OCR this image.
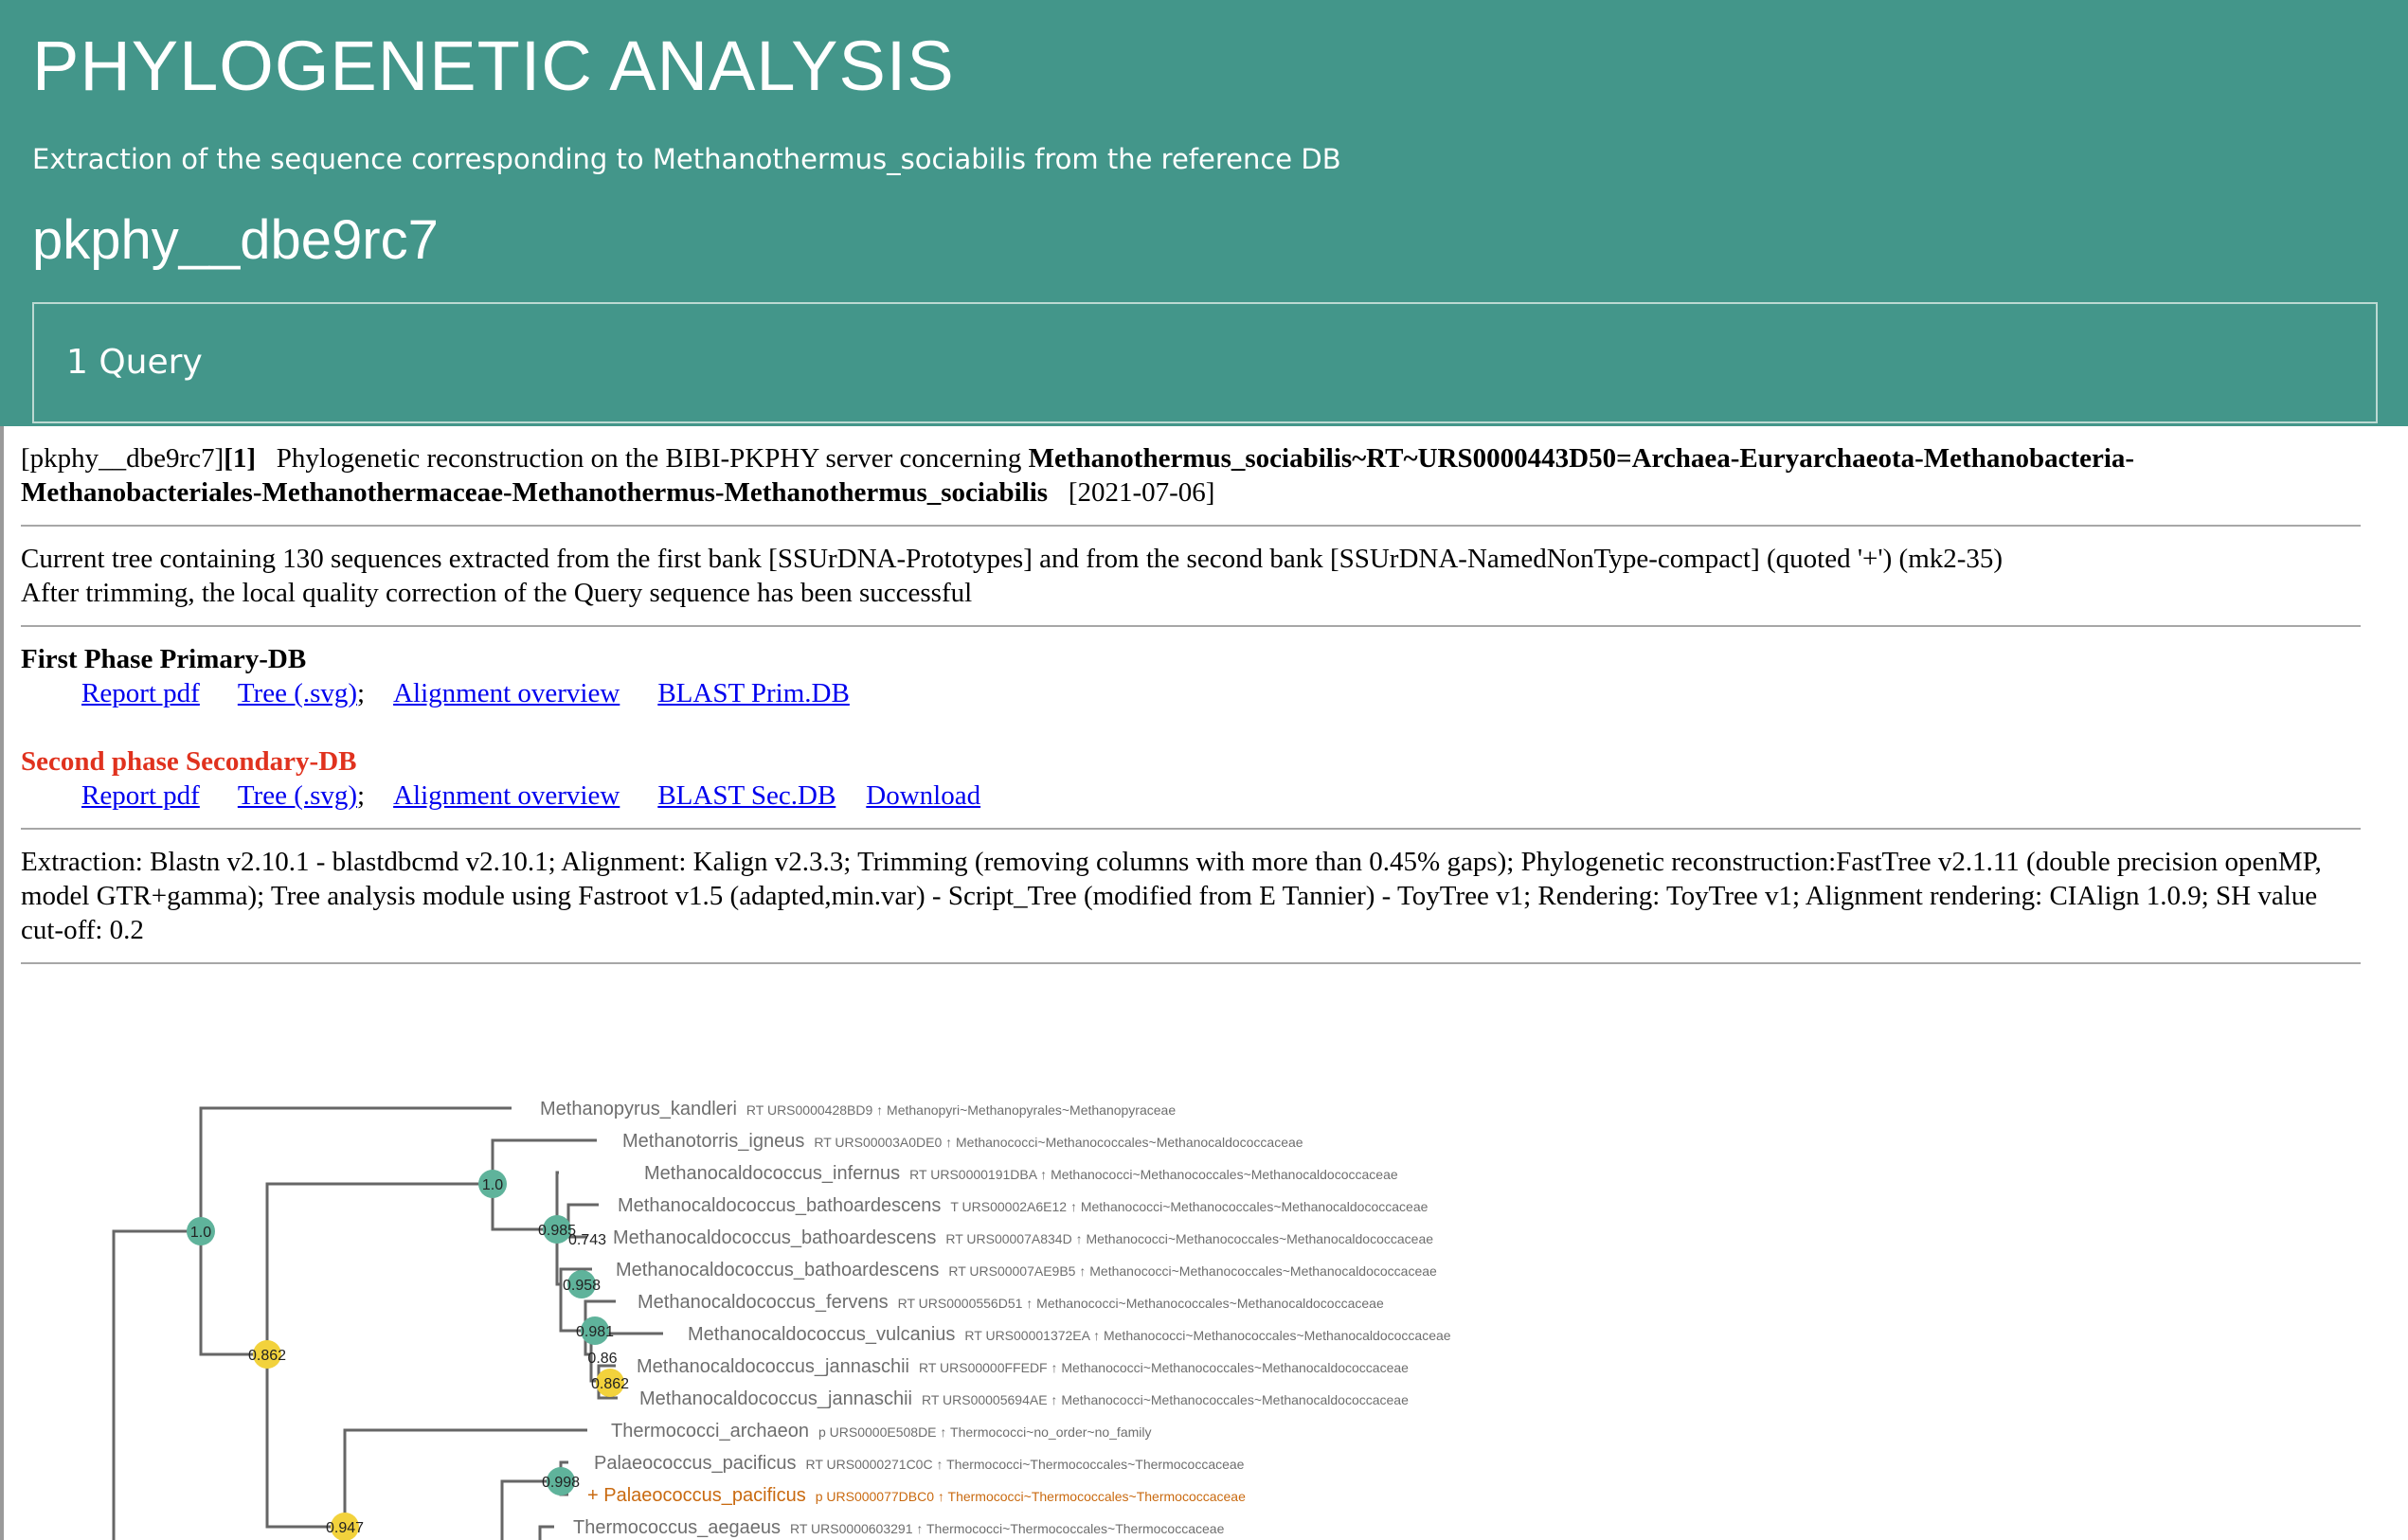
PHYLOGENETIC ANALYSIS
Extraction of the sequence corresponding to Methanothermus_sociabilis from the reference DB
pkphy__dbe9rc7
1 Query

[pkphy__dbe9rc7][1] Phylogenetic reconstruction on the BIBI-PKPHY server concerning Methanothermus_sociabilis~RT~URS0000443D50=Archaea-Euryarchaeota-Methanobacteria-Methanobacteriales-Methanothermaceae-Methanothermus-Methanothermus_sociabilis [2021-07-06]

Current tree containing 130 sequences extracted from the first bank [SSUrDNA-Prototypes] and from the second bank [SSUrDNA-NamedNonType-compact] (quoted '+') (mk2-35)
After trimming, the local quality correction of the Query sequence has been successful

First Phase Primary-DB
Report pdf Tree (.svg); Alignment overview BLAST Prim.DB
Second phase Secondary-DB
Report pdf Tree (.svg); Alignment overview BLAST Sec.DB Download

Extraction: Blastn v2.10.1 - blastdbcmd v2.10.1; Alignment: Kalign v2.3.3; Trimming (removing columns with more than 0.45% gaps); Phylogenetic reconstruction:FastTree v2.1.11 (double precision openMP, model GTR+gamma); Tree analysis module using Fastroot v1.5 (adapted,min.var) - Script_Tree (modified from E Tannier) - ToyTree v1; Rendering: ToyTree v1; Alignment rendering: CIAlign 1.0.9; SH value cut-off: 0.2

1.0
0.862
1.0
0.985
0.743
0.958
0.981
0.86
0.862
0.998
0.947
Methanopyrus_kandleri RT URS0000428BD9 ↑ Methanopyri~Methanopyrales~Methanopyraceae
Methanotorris_igneus RT URS00003A0DE0 ↑ Methanococci~Methanococcales~Methanocaldococcaceae
Methanocaldococcus_infernus RT URS0000191DBA ↑ Methanococci~Methanococcales~Methanocaldococcaceae
Methanocaldococcus_bathoardescens T URS00002A6E12 ↑ Methanococci~Methanococcales~Methanocaldococcaceae
Methanocaldococcus_bathoardescens RT URS00007A834D ↑ Methanococci~Methanococcales~Methanocaldococcaceae
Methanocaldococcus_bathoardescens RT URS00007AE9B5 ↑ Methanococci~Methanococcales~Methanocaldococcaceae
Methanocaldococcus_fervens RT URS0000556D51 ↑ Methanococci~Methanococcales~Methanocaldococcaceae
Methanocaldococcus_vulcanius RT URS00001372EA ↑ Methanococci~Methanococcales~Methanocaldococcaceae
Methanocaldococcus_jannaschii RT URS00000FFEDF ↑ Methanococci~Methanococcales~Methanocaldococcaceae
Methanocaldococcus_jannaschii RT URS00005694AE ↑ Methanococci~Methanococcales~Methanocaldococcaceae
Thermococci_archaeon p URS0000E508DE ↑ Thermococci~no_order~no_family
Palaeococcus_pacificus RT URS0000271C0C ↑ Thermococci~Thermococcales~Thermococcaceae
+ Palaeococcus_pacificus p URS000077DBC0 ↑ Thermococci~Thermococcales~Thermococcaceae
Thermococcus_aegaeus RT URS0000603291 ↑ Thermococci~Thermococcales~Thermococcaceae
